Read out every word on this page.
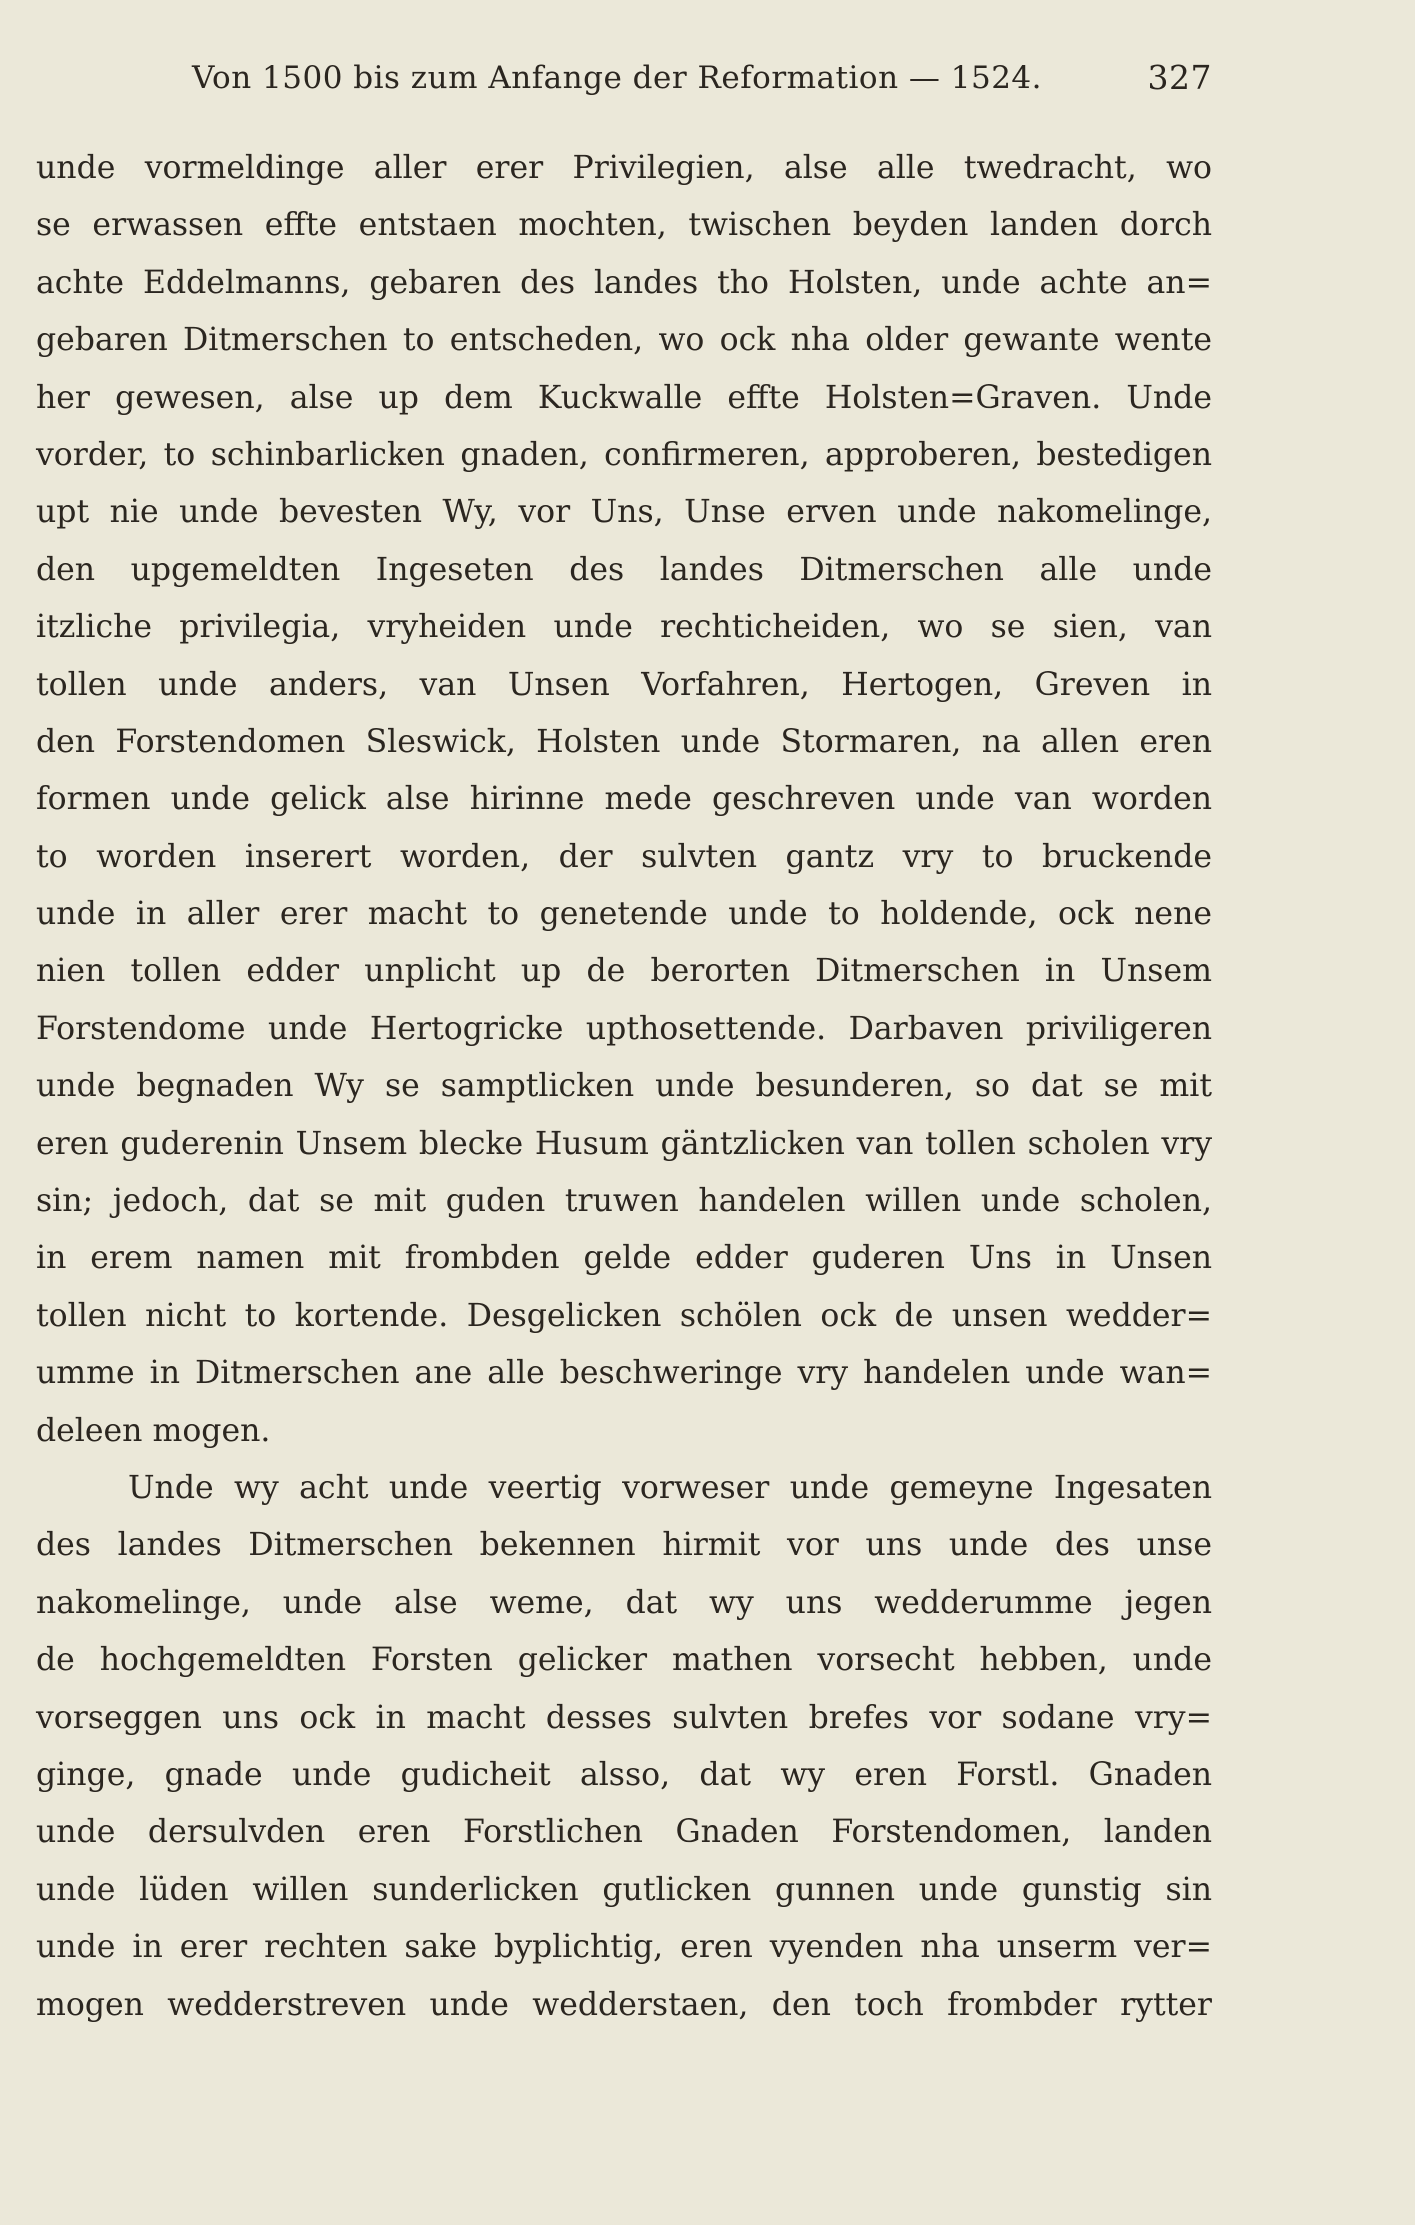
Von 1500 bis zum Anfange der Reformation — 1524.	327
unde vormeldinge aller erer Privilegien, alse alle twedracht, wo
se erwassen effte entstaen mochten, twischen beyden landen dorch
achte Eddelmanns, gebaren des landes tho Holsten, unde achte an=
gebaren Ditmerschen to entscheden, wo ock nha older gewante wente
her gewesen, alse up dem Kuckwalle effte Holsten=Graven. Unde
vorder, to schinbarlicken gnaden, confirmeren, approberen, bestedigen
upt nie unde bevesten Wy, vor Uns, Unse erven unde nakomelinge,
den upgemeldten Ingeseten des landes Ditmerschen alle unde
itzliche privilegia, vryheiden unde rechticheiden, wo se sien, van
tollen unde anders, van Unsen Vorfahren, Hertogen, Greven in
den Forstendomen Sleswick, Holsten unde Stormaren, na allen eren
formen unde gelick alse hirinne mede geschreven unde van worden
to worden inserert worden, der sulvten gantz vry to bruckende
unde in aller erer macht to genetende unde to holdende, ock nene
nien tollen edder unplicht up de berorten Ditmerschen in Unsem
Forstendome unde Hertogricke upthosettende. Darbaven priviligeren
unde begnaden Wy se samptlicken unde besunderen, so dat se mit
eren guderenin Unsem blecke Husum gäntzlicken van tollen scholen vry
sin; jedoch, dat se mit guden truwen handelen willen unde scholen,
in erem namen mit frombden gelde edder guderen Uns in Unsen
tollen nicht to kortende. Desgelicken schölen ock de unsen wedder=
umme in Ditmerschen ane alle beschweringe vry handelen unde wan=
deleen mogen.
Unde wy acht unde veertig vorweser unde gemeyne Ingesaten
des landes Ditmerschen bekennen hirmit vor uns unde des unse
nakomelinge, unde alse weme, dat wy uns wedderumme jegen
de hochgemeldten Forsten gelicker mathen vorsecht hebben, unde
vorseggen uns ock in macht desses sulvten brefes vor sodane vry=
ginge, gnade unde gudicheit alsso, dat wy eren Forstl. Gnaden
unde dersulvden eren Forstlichen Gnaden Forstendomen, landen
unde lüden willen sunderlicken gutlicken gunnen unde gunstig sin
unde in erer rechten sake byplichtig, eren vyenden nha unserm ver=
mogen wedderstreven unde wedderstaen, den toch frombder rytter
